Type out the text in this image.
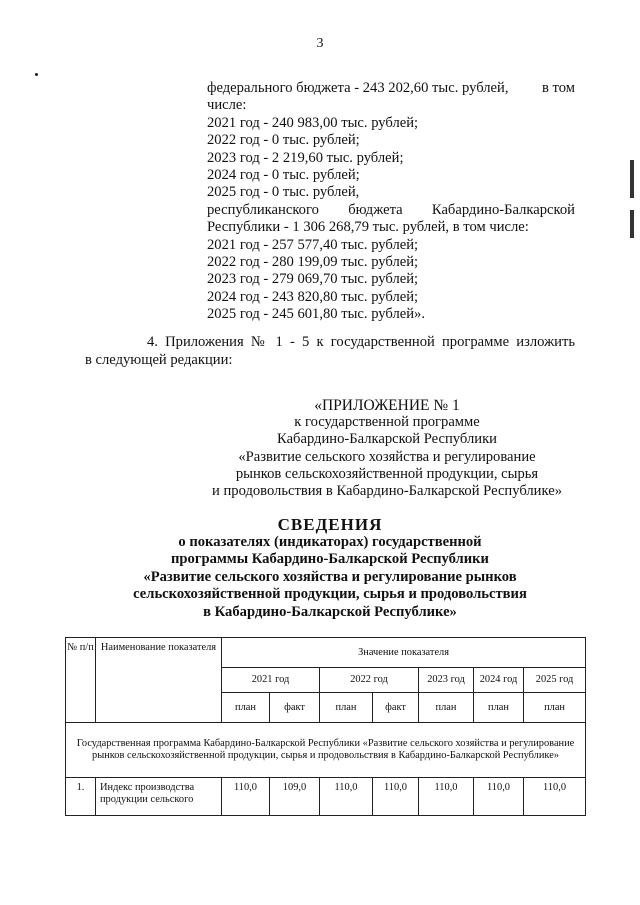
3
федерального бюджета - 243 202,60 тыс. рублей, в том
числе:
2021 год - 240 983,00 тыс. рублей;
2022 год - 0 тыс. рублей;
2023 год - 2 219,60 тыс. рублей;
2024 год - 0 тыс. рублей;
2025 год - 0 тыс. рублей,
республиканского бюджета Кабардино-Балкарской
Республики - 1 306 268,79 тыс. рублей, в том числе:
2021 год - 257 577,40 тыс. рублей;
2022 год - 280 199,09 тыс. рублей;
2023 год - 279 069,70 тыс. рублей;
2024 год - 243 820,80 тыс. рублей;
2025 год - 245 601,80 тыс. рублей».
4. Приложения № 1 - 5 к государственной программе изложить
в следующей редакции:
«ПРИЛОЖЕНИЕ № 1
к государственной программе
Кабардино-Балкарской Республики
«Развитие сельского хозяйства и регулирование
рынков сельскохозяйственной продукции, сырья
и продовольствия в Кабардино-Балкарской Республике»
СВЕДЕНИЯ
о показателях (индикаторах) государственной
программы Кабардино-Балкарской Республики
«Развитие сельского хозяйства и регулирование рынков
сельскохозяйственной продукции, сырья и продовольствия
в Кабардино-Балкарской Республике»
№ п/п	Наименование показателя	Значение показателя						
		2021 год		2022 год		2023 год	2024 год	2025 год
		план	факт	план	факт	план	план	план
Государственная программа Кабардино-Балкарской Республики «Развитие сельского хозяйства и регулирование рынков сельскохозяйственной продукции, сырья и продовольствия в Кабардино-Балкарской Республике»								
1.	Индекс производства продукции сельского	110,0	109,0	110,0	110,0	110,0	110,0	110,0
